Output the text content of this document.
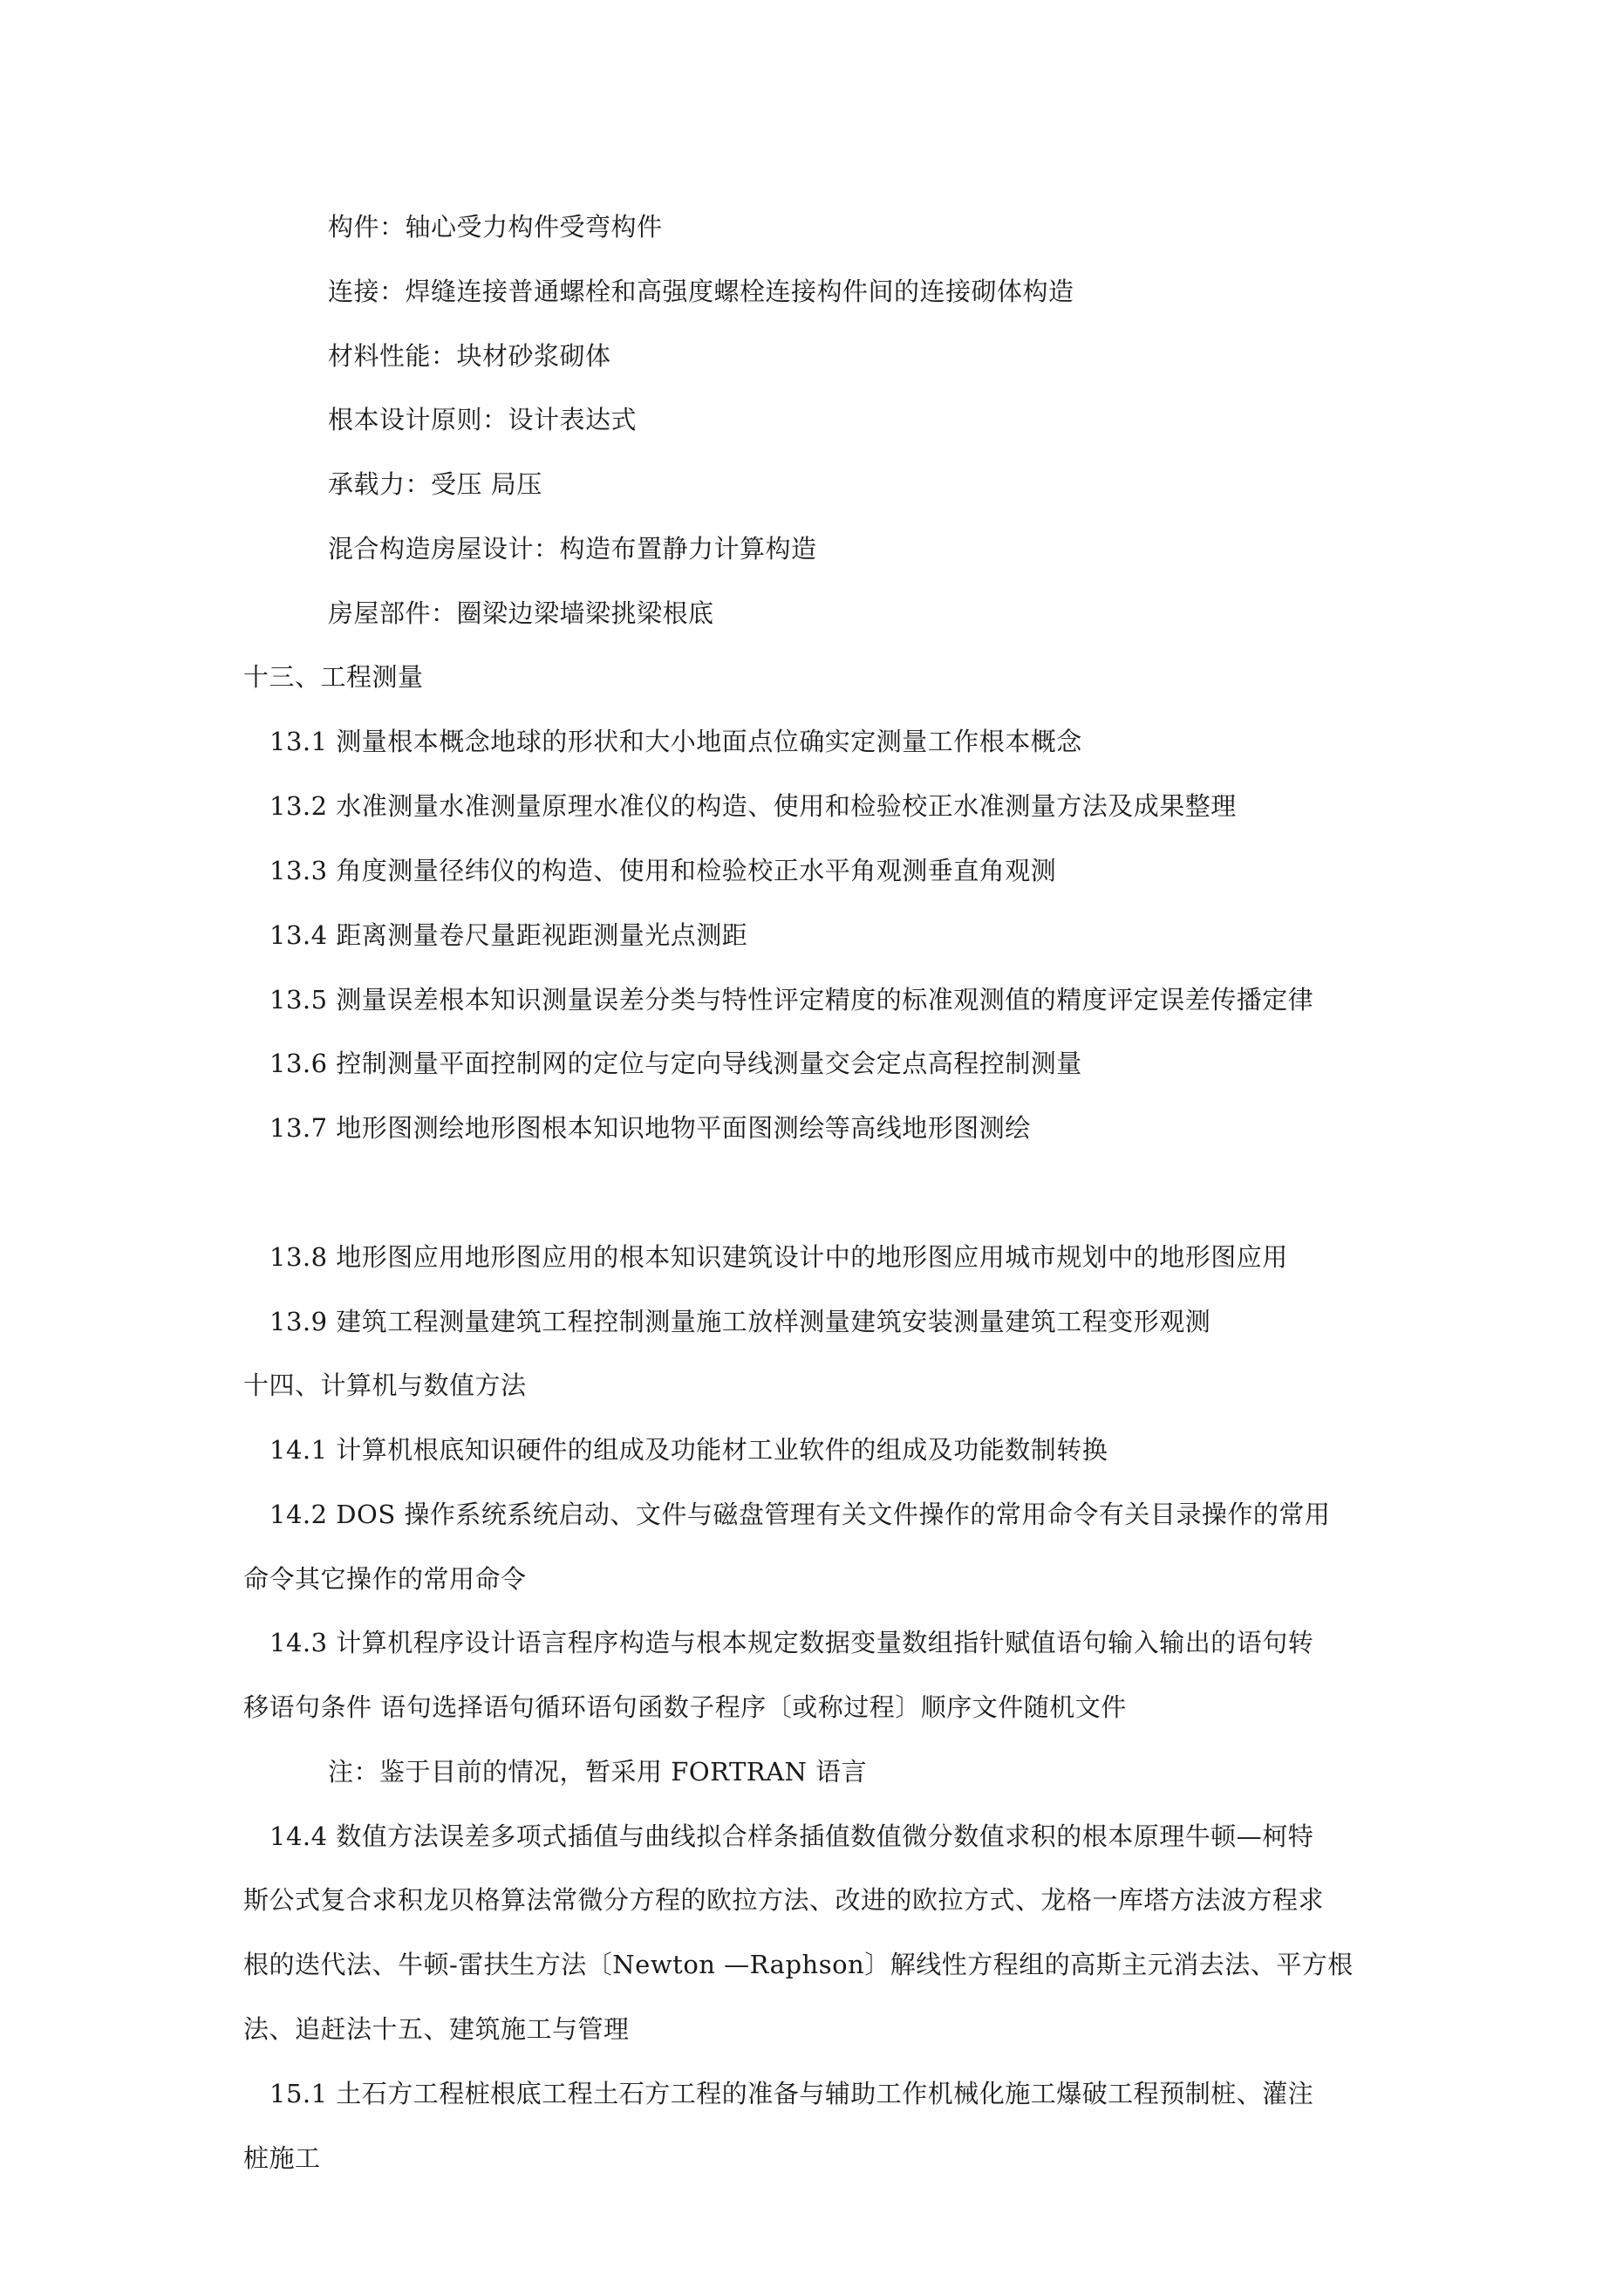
构件：轴心受力构件受弯构件
连接：焊缝连接普通螺栓和高强度螺栓连接构件间的连接砌体构造
材料性能：块材砂浆砌体
根本设计原则：设计表达式
承载力：受压 局压
混合构造房屋设计：构造布置静力计算构造
房屋部件：圈梁边梁墙梁挑梁根底
十三、工程测量
13.1 测量根本概念地球的形状和大小地面点位确实定测量工作根本概念
13.2 水准测量水准测量原理水准仪的构造、使用和检验校正水准测量方法及成果整理
13.3 角度测量径纬仪的构造、使用和检验校正水平角观测垂直角观测
13.4 距离测量卷尺量距视距测量光点测距
13.5 测量误差根本知识测量误差分类与特性评定精度的标准观测值的精度评定误差传播定律
13.6 控制测量平面控制网的定位与定向导线测量交会定点高程控制测量
13.7 地形图测绘地形图根本知识地物平面图测绘等高线地形图测绘
13.8 地形图应用地形图应用的根本知识建筑设计中的地形图应用城市规划中的地形图应用
13.9 建筑工程测量建筑工程控制测量施工放样测量建筑安装测量建筑工程变形观测
十四、计算机与数值方法
14.1 计算机根底知识硬件的组成及功能材工业软件的组成及功能数制转换
14.2 DOS 操作系统系统启动、文件与磁盘管理有关文件操作的常用命令有关目录操作的常用
命令其它操作的常用命令
14.3 计算机程序设计语言程序构造与根本规定数据变量数组指针赋值语句输入输出的语句转
移语句条件 语句选择语句循环语句函数子程序〔或称过程〕顺序文件随机文件
注：鉴于目前的情况，暂采用 FORTRAN 语言
14.4 数值方法误差多项式插值与曲线拟合样条插值数值微分数值求积的根本原理牛顿—柯特
斯公式复合求积龙贝格算法常微分方程的欧拉方法、改进的欧拉方式、龙格一库塔方法波方程求
根的迭代法、牛顿-雷扶生方法〔Newton —Raphson〕解线性方程组的高斯主元消去法、平方根
法、追赶法十五、建筑施工与管理
15.1 土石方工程桩根底工程土石方工程的准备与辅助工作机械化施工爆破工程预制桩、灌注
桩施工
